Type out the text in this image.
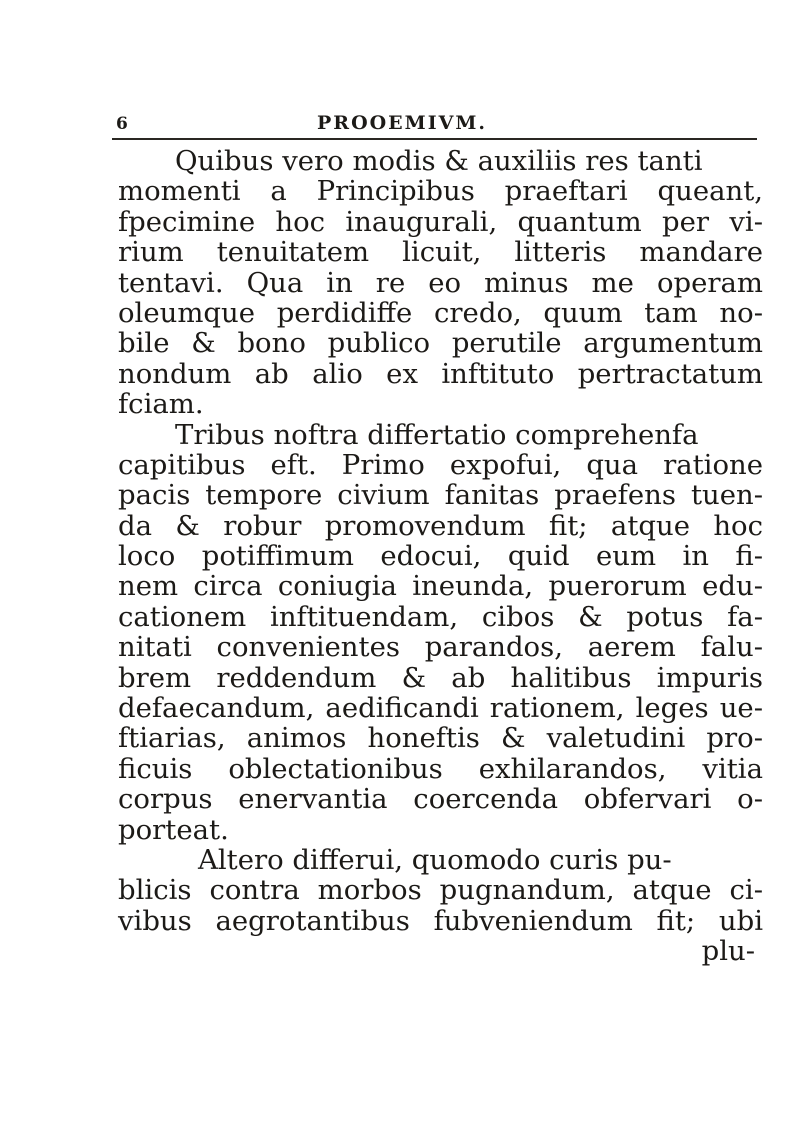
6	PROOEMIVM.
Quibus vero modis & auxiliis res tanti
momenti a Principibus praeftari queant,
fpecimine hoc inaugurali, quantum per vi-
rium tenuitatem licuit, litteris mandare
tentavi. Qua in re eo minus me operam
oleumque perdidiffe credo, quum tam no-
bile & bono publico perutile argumentum
nondum ab alio ex inftituto pertractatum
fciam.
Tribus noftra differtatio comprehenfa
capitibus eft. Primo expofui, qua ratione
pacis tempore civium fanitas praefens tuen-
da & robur promovendum fit; atque hoc
loco potiffimum edocui, quid eum in fi-
nem circa coniugia ineunda, puerorum edu-
cationem inftituendam, cibos & potus fa-
nitati convenientes parandos, aerem falu-
brem reddendum & ab halitibus impuris
defaecandum, aedificandi rationem, leges ue-
ftiarias, animos honeftis & valetudini pro-
ficuis oblectationibus exhilarandos, vitia
corpus enervantia coercenda obfervari o-
porteat.
Altero differui, quomodo curis pu-
blicis contra morbos pugnandum, atque ci-
vibus aegrotantibus fubveniendum fit; ubi
plu-
